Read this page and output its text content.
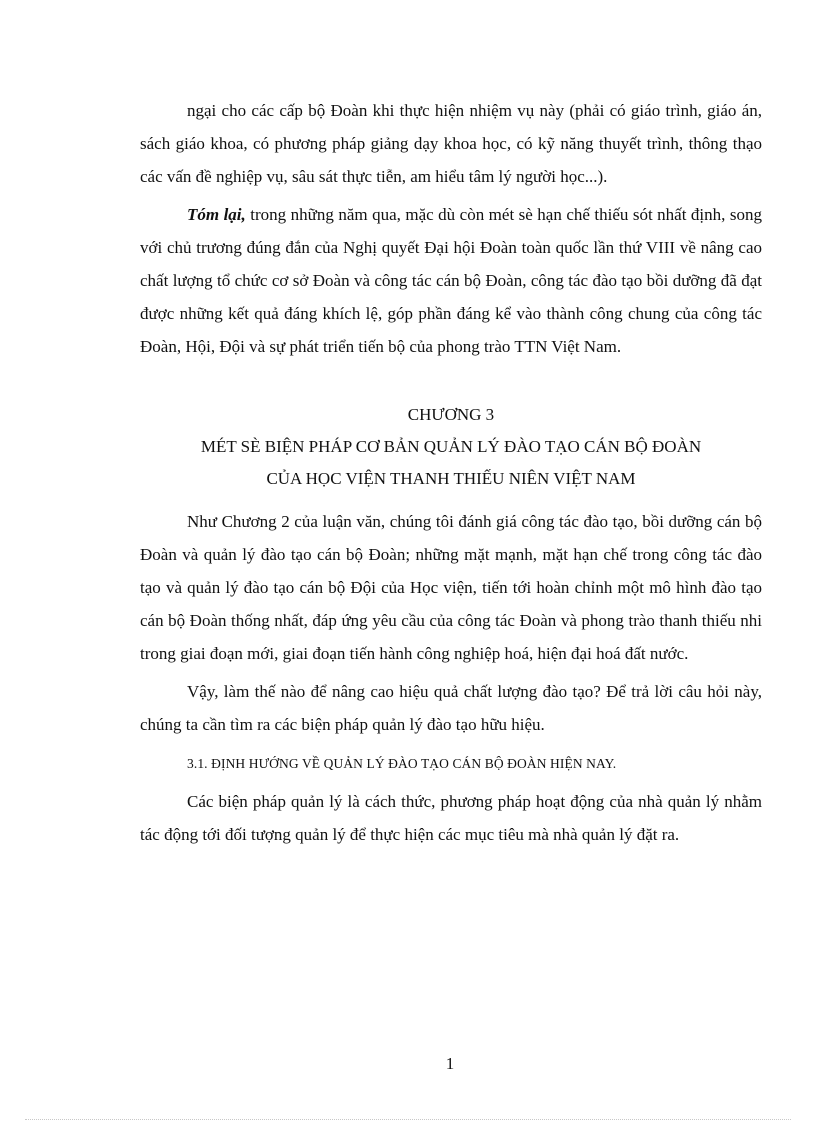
ngại cho các cấp bộ Đoàn khi thực hiện nhiệm vụ này (phải có giáo trình, giáo án, sách giáo khoa, có phương pháp giảng dạy khoa học, có kỹ năng thuyết trình, thông thạo các vấn đề nghiệp vụ, sâu sát thực tiễn, am hiểu tâm lý người học...).

Tóm lại, trong những năm qua, mặc dù còn mét sè hạn chế thiếu sót nhất định, song với chủ trương đúng đắn của Nghị quyết Đại hội Đoàn toàn quốc lần thứ VIII về nâng cao chất lượng tổ chức cơ sở Đoàn và công tác cán bộ Đoàn, công tác đào tạo bồi dưỡng đã đạt được những kết quả đáng khích lệ, góp phần đáng kể vào thành công chung của công tác Đoàn, Hội, Đội và sự phát triển tiến bộ của phong trào TTN Việt Nam.

CHƯƠNG 3

MÉT SÈ BIỆN PHÁP CƠ BẢN QUẢN LÝ ĐÀO TẠO CÁN BỘ ĐOÀN

CỦA HỌC VIỆN THANH THIẾU NIÊN VIỆT NAM

Như Chương 2 của luận văn, chúng tôi đánh giá công tác đào tạo, bồi dưỡng cán bộ Đoàn và quản lý đào tạo cán bộ Đoàn; những mặt mạnh, mặt hạn chế trong công tác đào tạo và quản lý đào tạo cán bộ Đội của Học viện, tiến tới hoàn chỉnh một mô hình đào tạo cán bộ Đoàn thống nhất, đáp ứng yêu cầu của công tác Đoàn và phong trào thanh thiếu nhi trong giai đoạn mới, giai đoạn tiến hành công nghiệp hoá, hiện đại hoá đất nước.

Vậy, làm thế nào để nâng cao hiệu quả chất lượng đào tạo? Để trả lời câu hỏi này, chúng ta cần tìm ra các biện pháp quản lý đào tạo hữu hiệu.

3.1. ĐỊNH HƯỚNG VỀ QUẢN LÝ ĐÀO TẠO CÁN BỘ ĐOÀN HIỆN NAY.

Các biện pháp quản lý là cách thức, phương pháp hoạt động của nhà quản lý nhằm tác động tới đối tượng quản lý để thực hiện các mục tiêu mà nhà quản lý đặt ra.

1
